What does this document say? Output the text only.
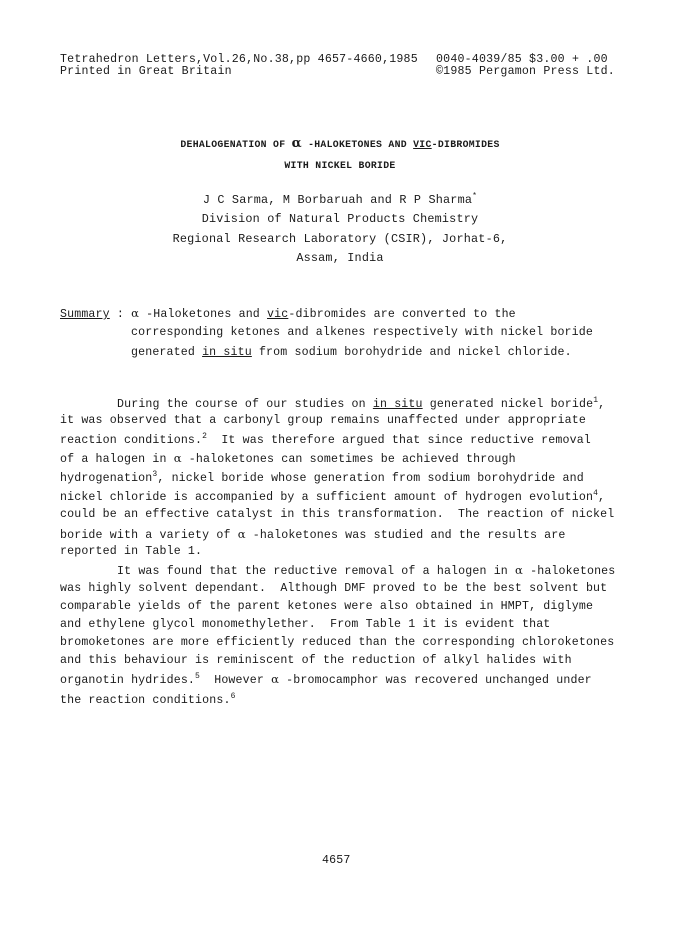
Tetrahedron Letters,Vol.26,No.38,pp 4657-4660,1985
Printed in Great Britain
0040-4039/85 $3.00 + .00
©1985 Pergamon Press Ltd.
DEHALOGENATION OF α -HALOKETONES AND VIC-DIBROMIDES
WITH NICKEL BORIDE
J C Sarma, M Borbaruah and R P Sharma*
Division of Natural Products Chemistry
Regional Research Laboratory (CSIR), Jorhat-6,
Assam, India
Summary : α -Haloketones and vic-dibromides are converted to the
corresponding ketones and alkenes respectively with nickel boride
generated in situ from sodium borohydride and nickel chloride.
During the course of our studies on in situ generated nickel boride$^1$,
it was observed that a carbonyl group remains unaffected under appropriate
reaction conditions.$^2$  It was therefore argued that since reductive removal
of a halogen in α -haloketones can sometimes be achieved through
hydrogenation$^3$, nickel boride whose generation from sodium borohydride and
nickel chloride is accompanied by a sufficient amount of hydrogen evolution$^4$,
could be an effective catalyst in this transformation.  The reaction of nickel
boride with a variety of α -haloketones was studied and the results are
reported in Table 1.
It was found that the reductive removal of a halogen in α -haloketones
was highly solvent dependant.  Although DMF proved to be the best solvent but
comparable yields of the parent ketones were also obtained in HMPT, diglyme
and ethylene glycol monomethylether.  From Table 1 it is evident that
bromoketones are more efficiently reduced than the corresponding chloroketones
and this behaviour is reminiscent of the reduction of alkyl halides with
organotin hydrides.$^5$  However α -bromocamphor was recovered unchanged under
the reaction conditions.$^6$
4657
